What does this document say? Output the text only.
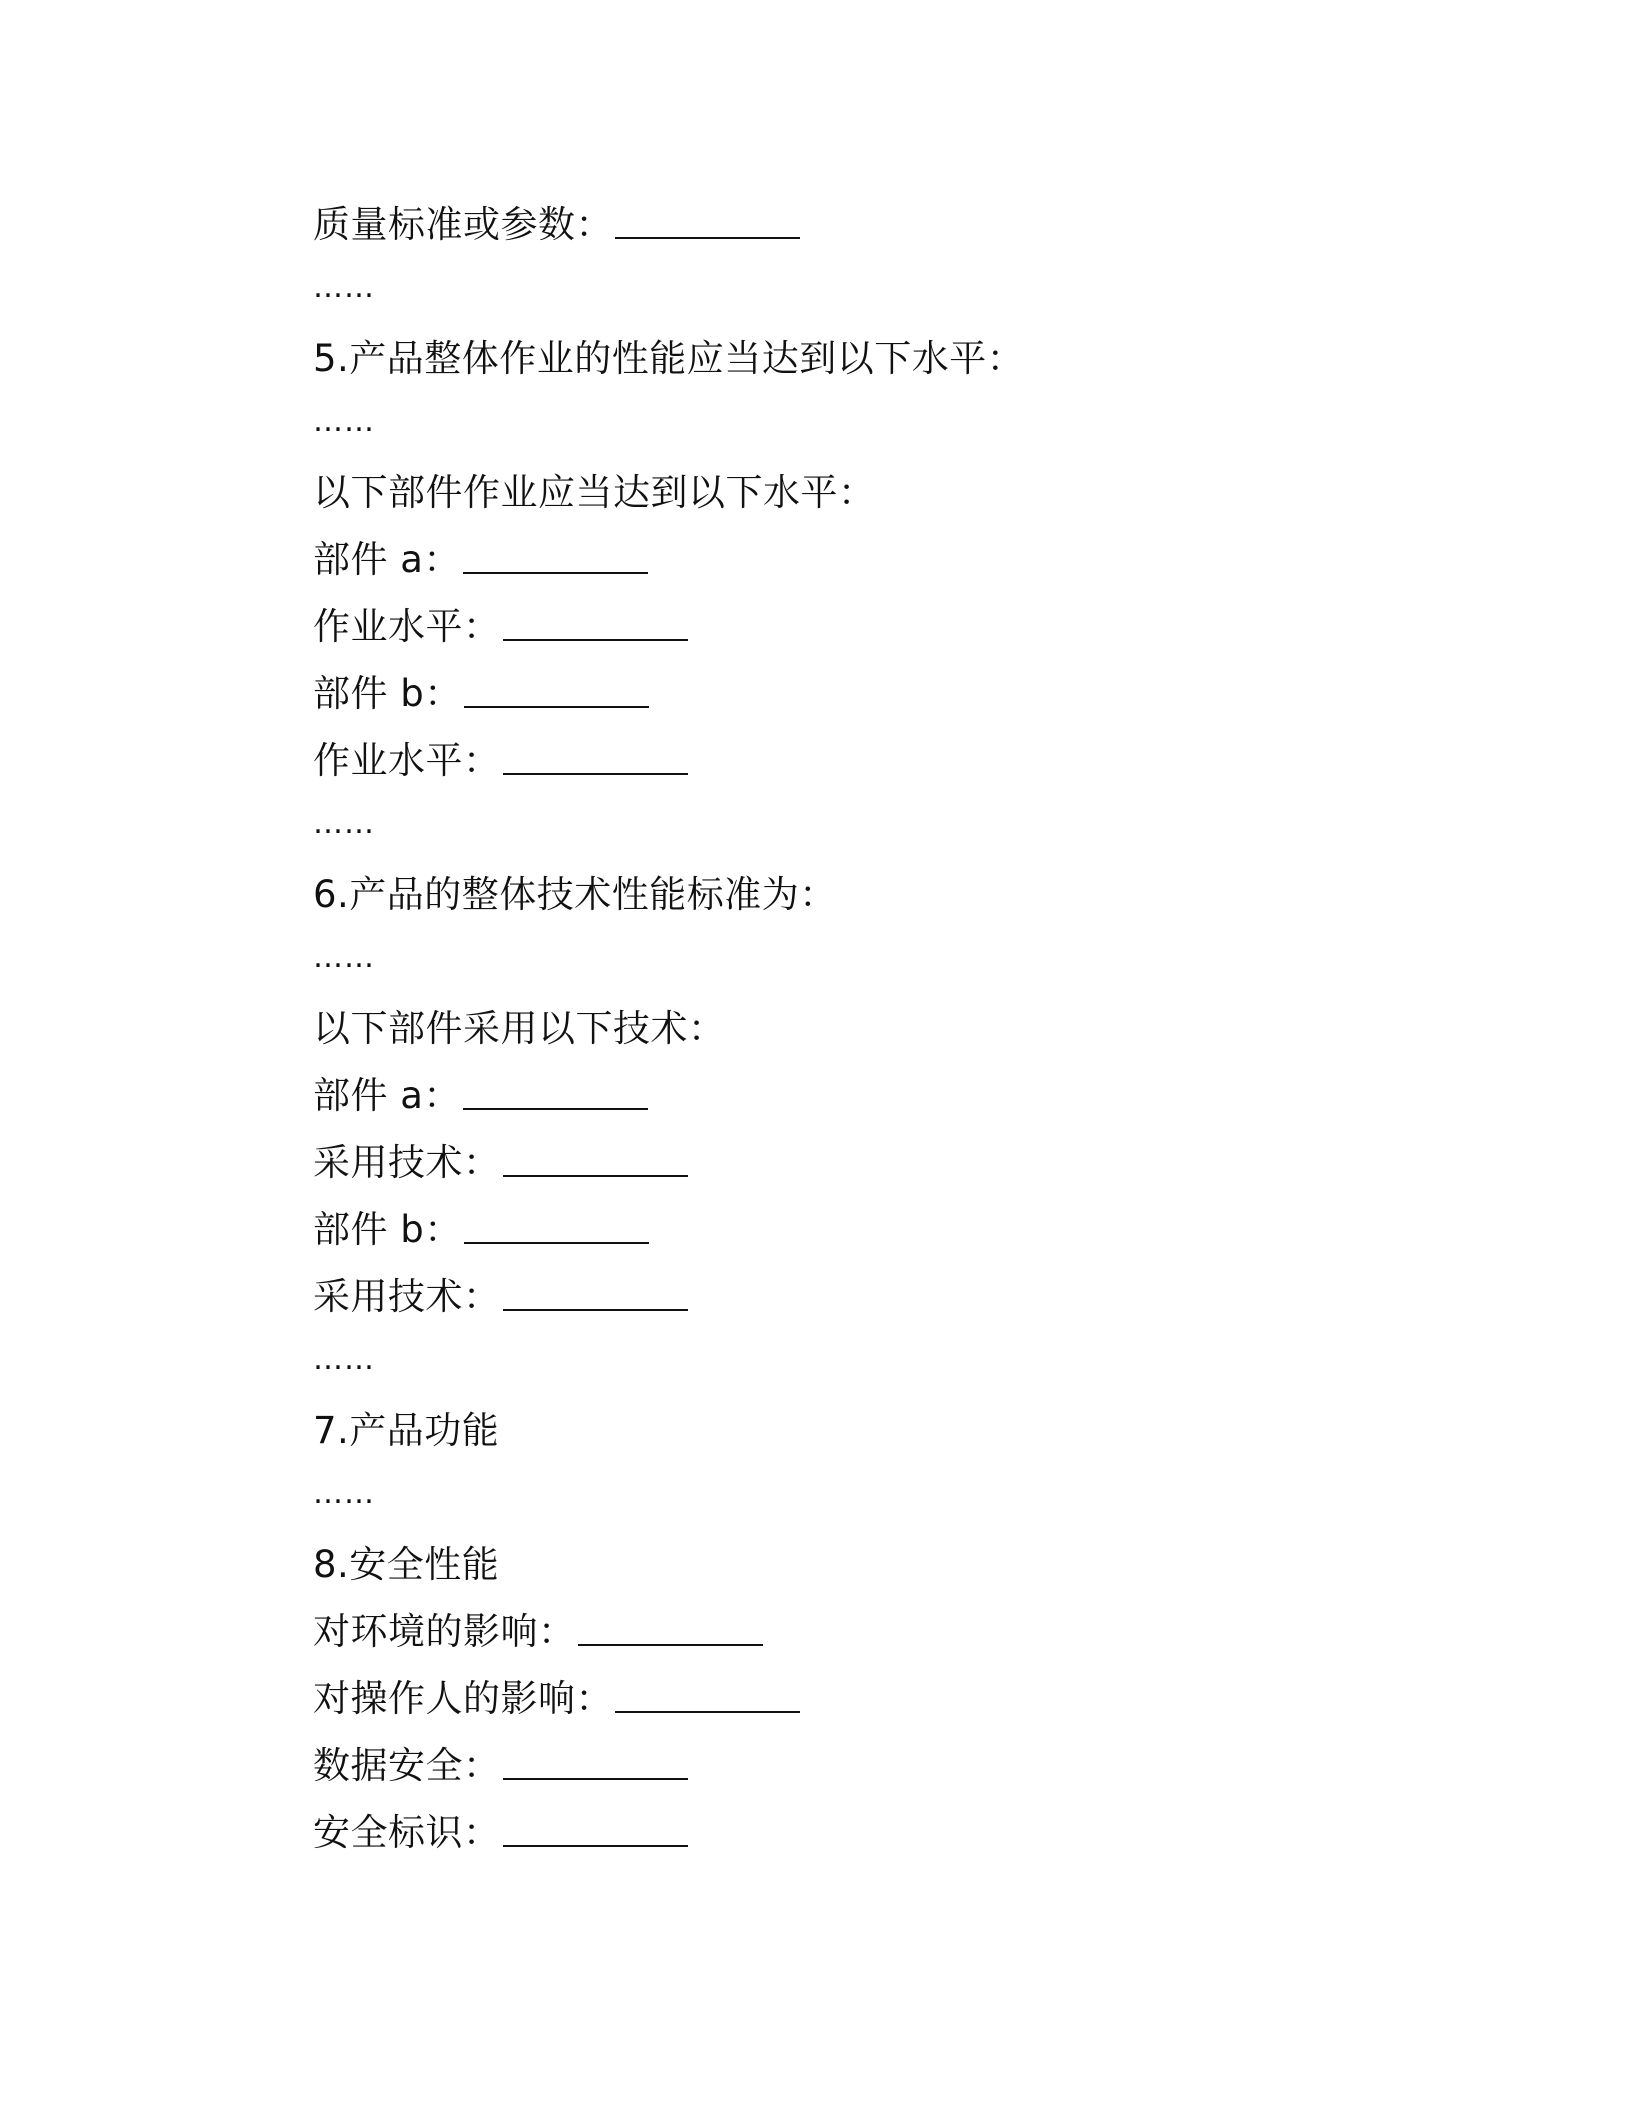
质量标准或参数：
……
5.产品整体作业的性能应当达到以下水平：
……
以下部件作业应当达到以下水平：
部件 a：
作业水平：
部件 b：
作业水平：
……
6.产品的整体技术性能标准为：
……
以下部件采用以下技术：
部件 a：
采用技术：
部件 b：
采用技术：
……
7.产品功能
……
8.安全性能
对环境的影响：
对操作人的影响：
数据安全：
安全标识：
